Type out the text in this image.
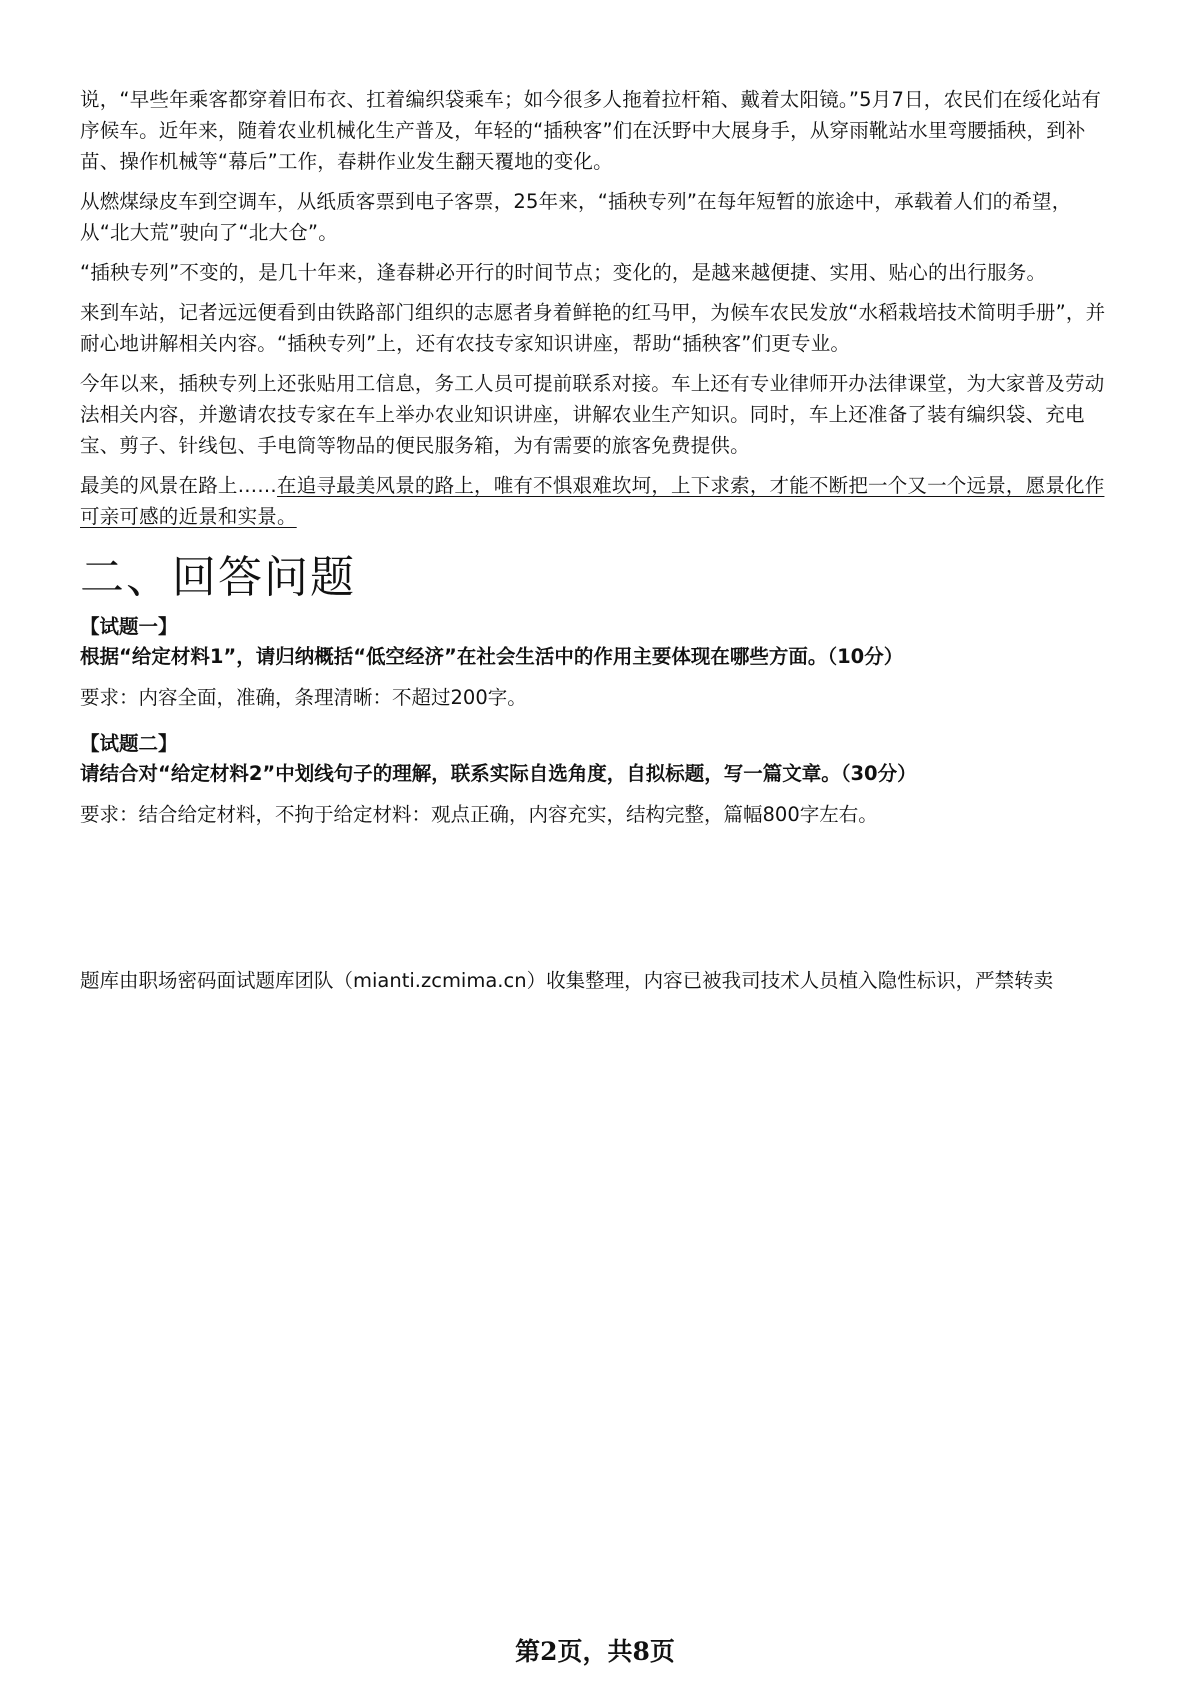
说，“早些年乘客都穿着旧布衣、扛着编织袋乘车；如今很多人拖着拉杆箱、戴着太阳镜。”5月7日，农民们在绥化站有序候车。近年来，随着农业机械化生产普及，年轻的“插秧客”们在沃野中大展身手，从穿雨靴站水里弯腰插秧，到补苗、操作机械等“幕后”工作，春耕作业发生翻天覆地的变化。

从燃煤绿皮车到空调车，从纸质客票到电子客票，25年来，“插秧专列”在每年短暂的旅途中，承载着人们的希望，从“北大荒”驶向了“北大仓”。

“插秧专列”不变的，是几十年来，逢春耕必开行的时间节点；变化的，是越来越便捷、实用、贴心的出行服务。

来到车站，记者远远便看到由铁路部门组织的志愿者身着鲜艳的红马甲，为候车农民发放“水稻栽培技术简明手册”，并耐心地讲解相关内容。“插秧专列”上，还有农技专家知识讲座，帮助“插秧客”们更专业。

今年以来，插秧专列上还张贴用工信息，务工人员可提前联系对接。车上还有专业律师开办法律课堂，为大家普及劳动法相关内容，并邀请农技专家在车上举办农业知识讲座，讲解农业生产知识。同时，车上还准备了装有编织袋、充电宝、剪子、针线包、手电筒等物品的便民服务箱，为有需要的旅客免费提供。

最美的风景在路上……在追寻最美风景的路上，唯有不惧艰难坎坷，上下求索，才能不断把一个又一个远景，愿景化作可亲可感的近景和实景。

二、回答问题

【试题一】

根据“给定材料1”，请归纳概括“低空经济”在社会生活中的作用主要体现在哪些方面。（10分）

要求：内容全面，准确，条理清晰：不超过200字。

【试题二】

请结合对“给定材料2”中划线句子的理解，联系实际自选角度，自拟标题，写一篇文章。（30分）

要求：结合给定材料，不拘于给定材料：观点正确，内容充实，结构完整，篇幅800字左右。

题库由职场密码面试题库团队（mianti.zcmima.cn）收集整理，内容已被我司技术人员植入隐性标识，严禁转卖
第2页，共8页
